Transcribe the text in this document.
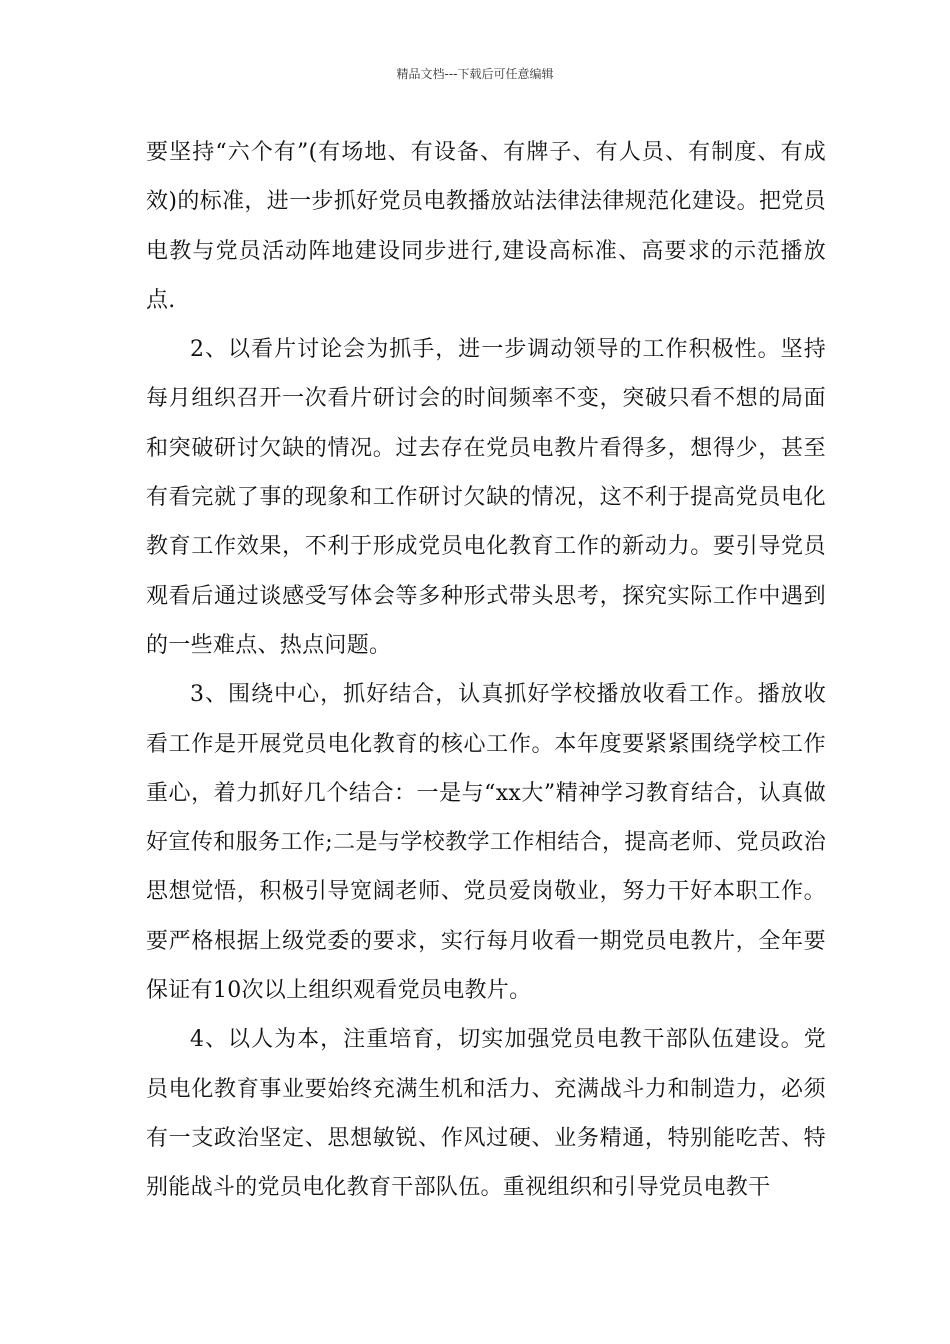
精品文档---下载后可任意编辑

要坚持“六个有”(有场地、有设备、有牌子、有人员、有制度、有成效)的标准，进一步抓好党员电教播放站法律法律规范化建设。把党员电教与党员活动阵地建设同步进行,建设高标准、高要求的示范播放点.

2、以看片讨论会为抓手，进一步调动领导的工作积极性。坚持每月组织召开一次看片研讨会的时间频率不变，突破只看不想的局面和突破研讨欠缺的情况。过去存在党员电教片看得多，想得少，甚至有看完就了事的现象和工作研讨欠缺的情况，这不利于提高党员电化教育工作效果，不利于形成党员电化教育工作的新动力。要引导党员观看后通过谈感受写体会等多种形式带头思考，探究实际工作中遇到的一些难点、热点问题。

3、围绕中心，抓好结合，认真抓好学校播放收看工作。播放收看工作是开展党员电化教育的核心工作。本年度要紧紧围绕学校工作重心，着力抓好几个结合：一是与“xx大”精神学习教育结合，认真做好宣传和服务工作;二是与学校教学工作相结合，提高老师、党员政治思想觉悟，积极引导宽阔老师、党员爱岗敬业，努力干好本职工作。要严格根据上级党委的要求，实行每月收看一期党员电教片，全年要保证有10次以上组织观看党员电教片。

4、以人为本，注重培育，切实加强党员电教干部队伍建设。党员电化教育事业要始终充满生机和活力、充满战斗力和制造力，必须有一支政治坚定、思想敏锐、作风过硬、业务精通，特别能吃苦、特别能战斗的党员电化教育干部队伍。重视组织和引导党员电教干
